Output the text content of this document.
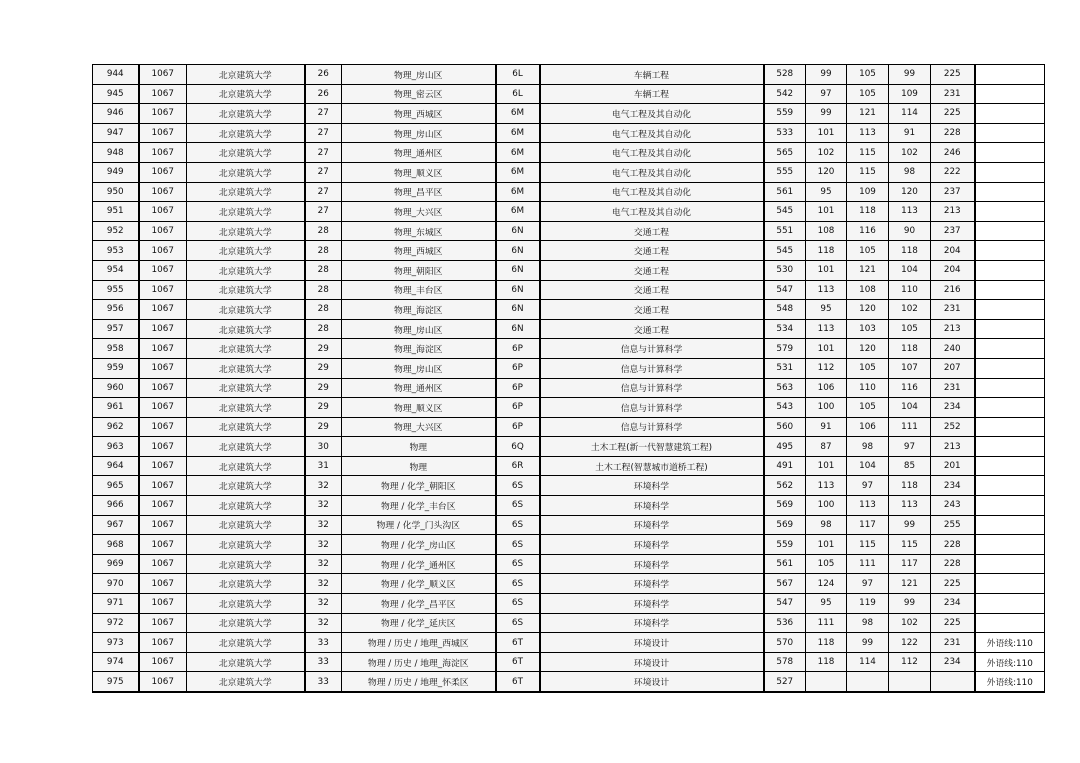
944	1067	北京建筑大学	26	物理_房山区	6L	车辆工程	528	99	105	99	225	
945	1067	北京建筑大学	26	物理_密云区	6L	车辆工程	542	97	105	109	231	
946	1067	北京建筑大学	27	物理_西城区	6M	电气工程及其自动化	559	99	121	114	225	
947	1067	北京建筑大学	27	物理_房山区	6M	电气工程及其自动化	533	101	113	91	228	
948	1067	北京建筑大学	27	物理_通州区	6M	电气工程及其自动化	565	102	115	102	246	
949	1067	北京建筑大学	27	物理_顺义区	6M	电气工程及其自动化	555	120	115	98	222	
950	1067	北京建筑大学	27	物理_昌平区	6M	电气工程及其自动化	561	95	109	120	237	
951	1067	北京建筑大学	27	物理_大兴区	6M	电气工程及其自动化	545	101	118	113	213	
952	1067	北京建筑大学	28	物理_东城区	6N	交通工程	551	108	116	90	237	
953	1067	北京建筑大学	28	物理_西城区	6N	交通工程	545	118	105	118	204	
954	1067	北京建筑大学	28	物理_朝阳区	6N	交通工程	530	101	121	104	204	
955	1067	北京建筑大学	28	物理_丰台区	6N	交通工程	547	113	108	110	216	
956	1067	北京建筑大学	28	物理_海淀区	6N	交通工程	548	95	120	102	231	
957	1067	北京建筑大学	28	物理_房山区	6N	交通工程	534	113	103	105	213	
958	1067	北京建筑大学	29	物理_海淀区	6P	信息与计算科学	579	101	120	118	240	
959	1067	北京建筑大学	29	物理_房山区	6P	信息与计算科学	531	112	105	107	207	
960	1067	北京建筑大学	29	物理_通州区	6P	信息与计算科学	563	106	110	116	231	
961	1067	北京建筑大学	29	物理_顺义区	6P	信息与计算科学	543	100	105	104	234	
962	1067	北京建筑大学	29	物理_大兴区	6P	信息与计算科学	560	91	106	111	252	
963	1067	北京建筑大学	30	物理	6Q	土木工程(新一代智慧建筑工程)	495	87	98	97	213	
964	1067	北京建筑大学	31	物理	6R	土木工程(智慧城市道桥工程)	491	101	104	85	201	
965	1067	北京建筑大学	32	物理 / 化学_朝阳区	6S	环境科学	562	113	97	118	234	
966	1067	北京建筑大学	32	物理 / 化学_丰台区	6S	环境科学	569	100	113	113	243	
967	1067	北京建筑大学	32	物理 / 化学_门头沟区	6S	环境科学	569	98	117	99	255	
968	1067	北京建筑大学	32	物理 / 化学_房山区	6S	环境科学	559	101	115	115	228	
969	1067	北京建筑大学	32	物理 / 化学_通州区	6S	环境科学	561	105	111	117	228	
970	1067	北京建筑大学	32	物理 / 化学_顺义区	6S	环境科学	567	124	97	121	225	
971	1067	北京建筑大学	32	物理 / 化学_昌平区	6S	环境科学	547	95	119	99	234	
972	1067	北京建筑大学	32	物理 / 化学_延庆区	6S	环境科学	536	111	98	102	225	
973	1067	北京建筑大学	33	物理 / 历史 / 地理_西城区	6T	环境设计	570	118	99	122	231	外语线:110
974	1067	北京建筑大学	33	物理 / 历史 / 地理_海淀区	6T	环境设计	578	118	114	112	234	外语线:110
975	1067	北京建筑大学	33	物理 / 历史 / 地理_怀柔区	6T	环境设计	527					外语线:110
